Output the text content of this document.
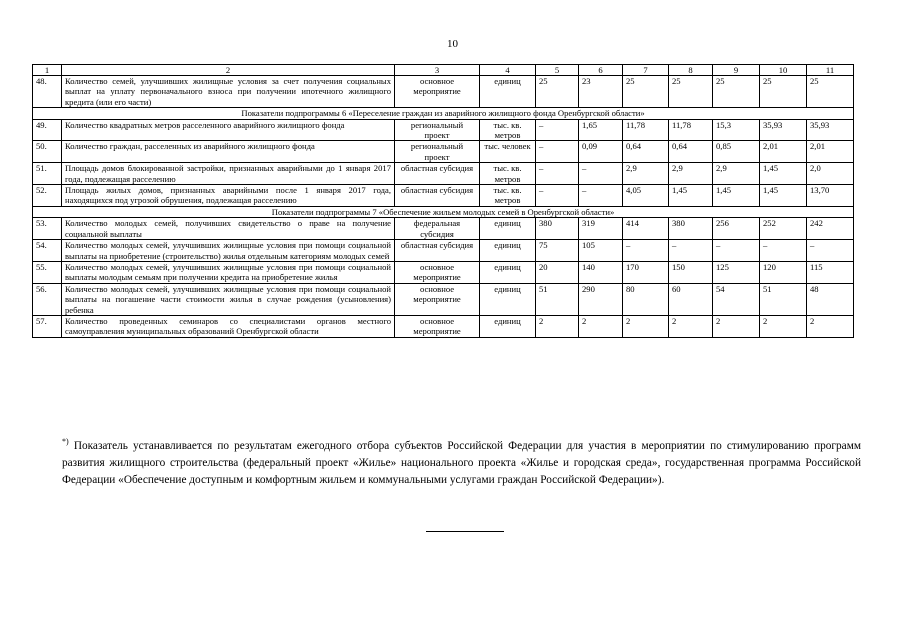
10
1	2	3	4	5	6	7	8	9	10	11
48.	Количество семей, улучшивших жилищные условия за счет получения социальных выплат на уплату первоначального взноса при получении ипотечного жилищного кредита (или его части)	основное мероприятие	единиц	25	23	25	25	25	25	25
Показатели подпрограммы 6 «Переселение граждан из аварийного жилищного фонда Оренбургской области»										
49.	Количество квадратных метров расселенного аварийного жилищного фонда	региональный проект	тыс. кв. метров	–	1,65	11,78	11,78	15,3	35,93	35,93
50.	Количество граждан, расселенных из аварийного жилищного фонда	региональный проект	тыс. человек	–	0,09	0,64	0,64	0,85	2,01	2,01
51.	Площадь домов блокированной застройки, признанных аварийными до 1 января 2017 года, подлежащая расселению	областная субсидия	тыс. кв. метров	–	–	2,9	2,9	2,9	1,45	2,0
52.	Площадь жилых домов, признанных аварийными после 1 января 2017 года, находящихся под угрозой обрушения, подлежащая расселению	областная субсидия	тыс. кв. метров	–	–	4,05	1,45	1,45	1,45	13,70
Показатели подпрограммы 7 «Обеспечение жильем молодых семей в Оренбургской области»										
53.	Количество молодых семей, получивших свидетельство о праве на получение социальной выплаты	федеральная субсидия	единиц	380	319	414	380	256	252	242
54.	Количество молодых семей, улучшивших жилищные условия при помощи социальной выплаты на приобретение (строительство) жилья отдельным категориям молодых семей	областная субсидия	единиц	75	105	–	–	–	–	–
55.	Количество молодых семей, улучшивших жилищные условия при помощи социальной выплаты молодым семьям при получении кредита на приобретение жилья	основное мероприятие	единиц	20	140	170	150	125	120	115
56.	Количество молодых семей, улучшивших жилищные условия при помощи социальной выплаты на погашение части стоимости жилья в случае рождения (усыновления) ребенка	основное мероприятие	единиц	51	290	80	60	54	51	48
57.	Количество проведенных семинаров со специалистами органов местного самоуправления муниципальных образований Оренбургской области	основное мероприятие	единиц	2	2	2	2	2	2	2
*) Показатель устанавливается по результатам ежегодного отбора субъектов Российской Федерации для участия в мероприятии по стимулированию программ развития жилищного строительства (федеральный проект «Жилье» национального проекта «Жилье и городская среда», государственная программа Российской Федерации «Обеспечение доступным и комфортным жильем и коммунальными услугами граждан Российской Федерации»).
